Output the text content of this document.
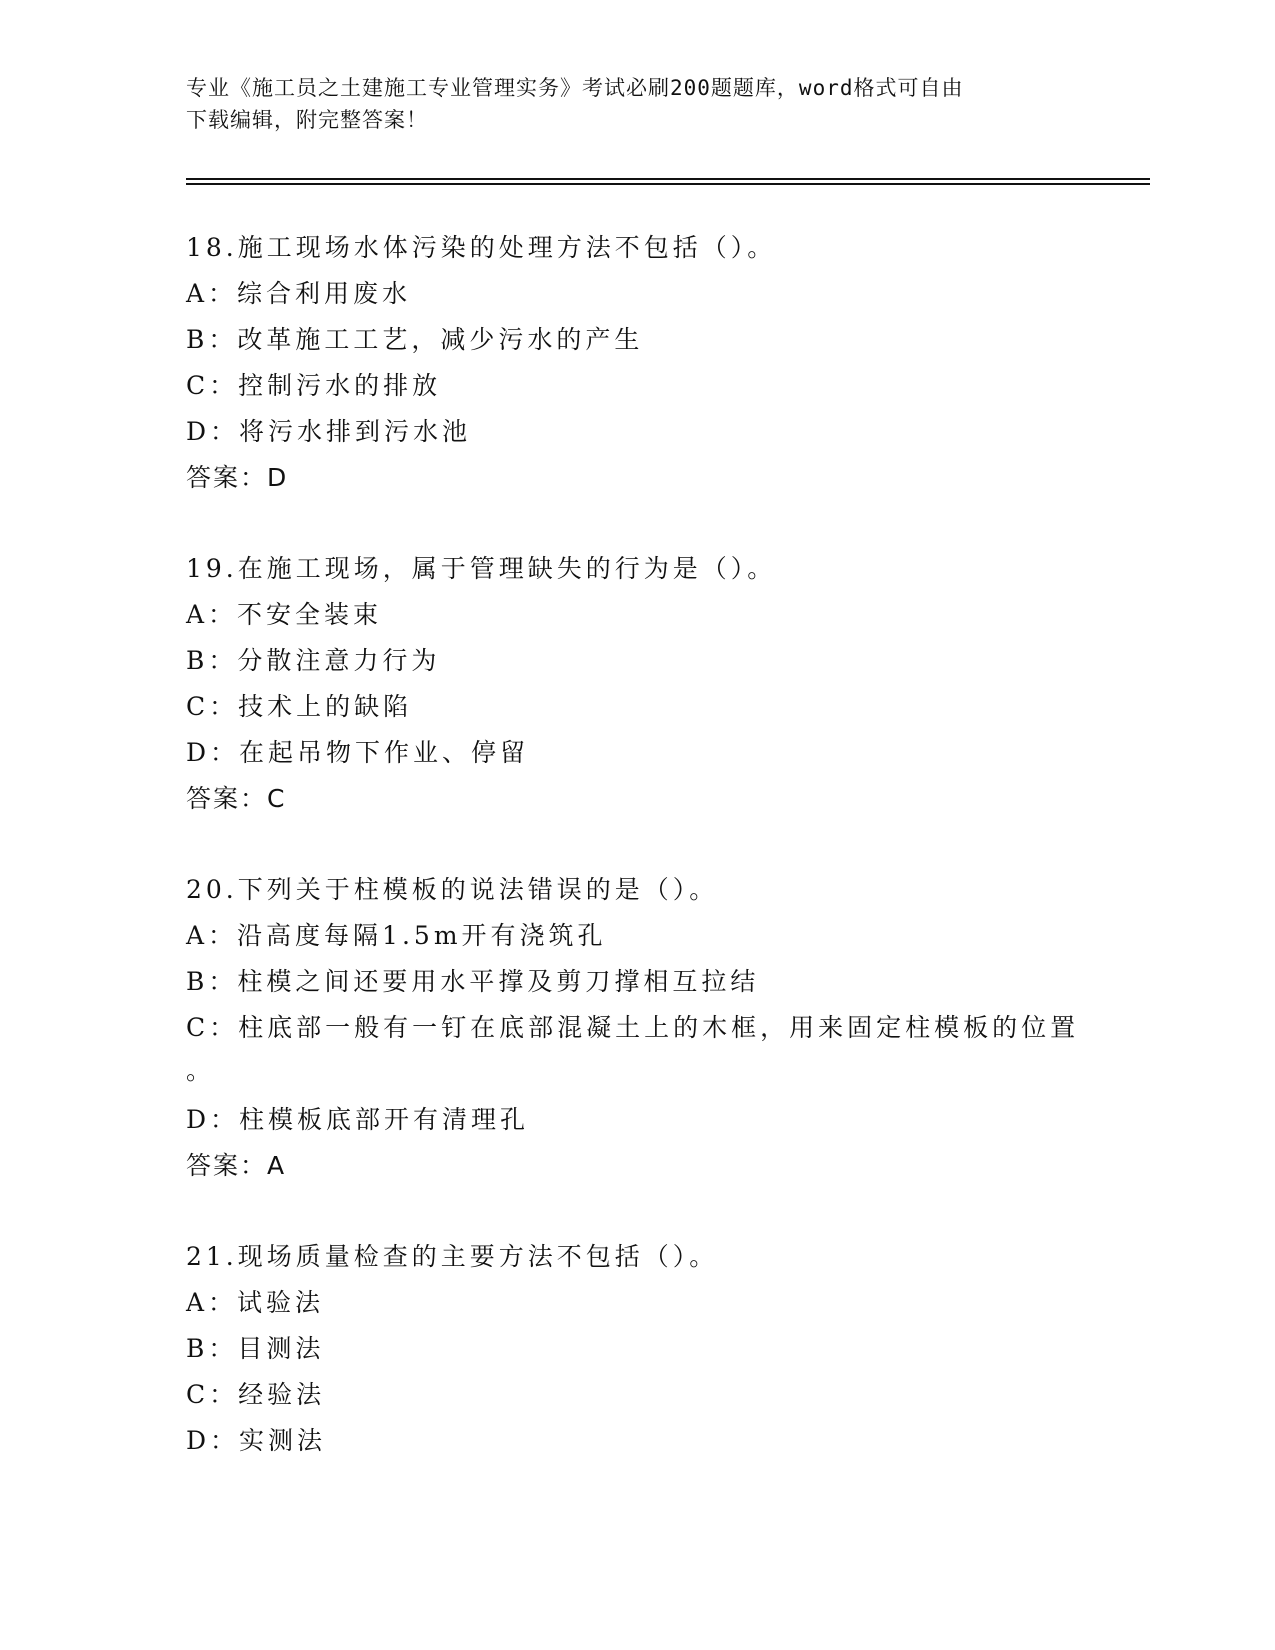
专业《施工员之土建施工专业管理实务》考试必刷200题题库，word格式可自由
下载编辑，附完整答案！
18.施工现场水体污染的处理方法不包括（）。
A：综合利用废水
B：改革施工工艺，减少污水的产生
C：控制污水的排放
D：将污水排到污水池
答案：D
19.在施工现场，属于管理缺失的行为是（）。
A：不安全装束
B：分散注意力行为
C：技术上的缺陷
D：在起吊物下作业、停留
答案：C
20.下列关于柱模板的说法错误的是（）。
A：沿高度每隔1.5m开有浇筑孔
B：柱模之间还要用水平撑及剪刀撑相互拉结
C：柱底部一般有一钉在底部混凝土上的木框，用来固定柱模板的位置
。
D：柱模板底部开有清理孔
答案：A
21.现场质量检查的主要方法不包括（）。
A：试验法
B：目测法
C：经验法
D：实测法
